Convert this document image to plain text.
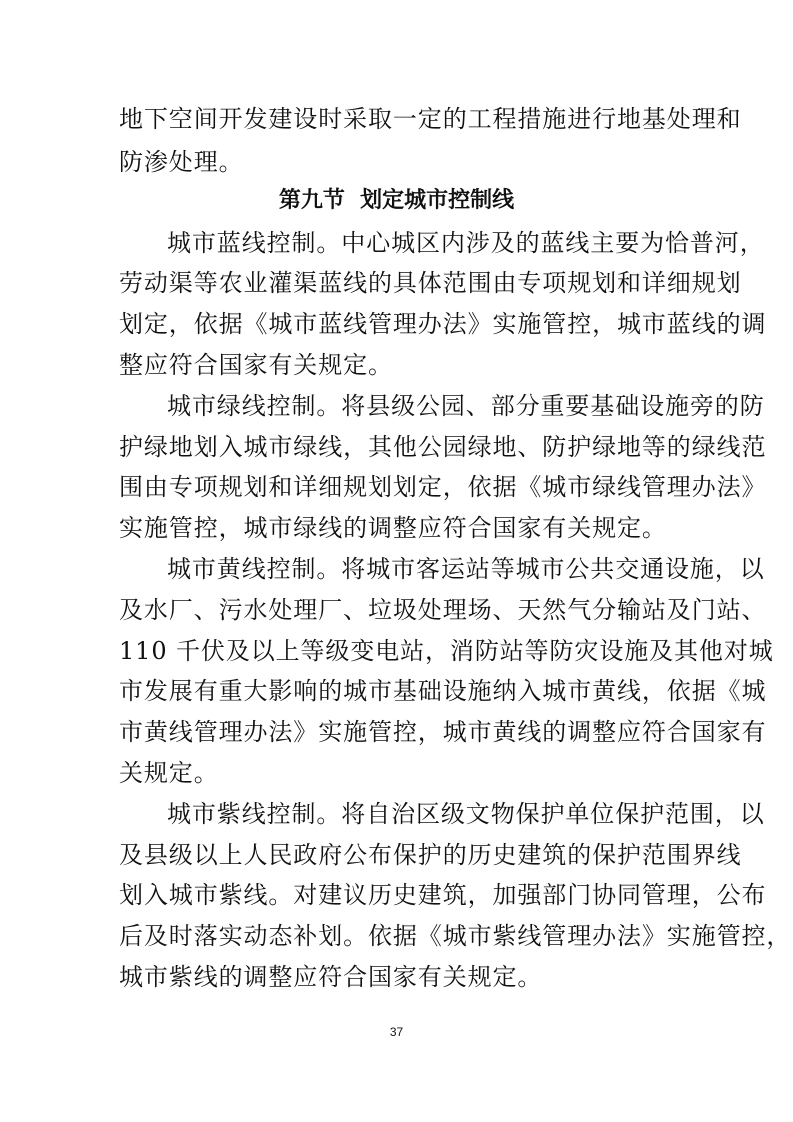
地下空间开发建设时采取一定的工程措施进行地基处理和
防渗处理。
第九节  划定城市控制线
城市蓝线控制。中心城区内涉及的蓝线主要为恰普河，
劳动渠等农业灌渠蓝线的具体范围由专项规划和详细规划
划定，依据《城市蓝线管理办法》实施管控，城市蓝线的调
整应符合国家有关规定。
城市绿线控制。将县级公园、部分重要基础设施旁的防
护绿地划入城市绿线，其他公园绿地、防护绿地等的绿线范
围由专项规划和详细规划划定，依据《城市绿线管理办法》
实施管控，城市绿线的调整应符合国家有关规定。
城市黄线控制。将城市客运站等城市公共交通设施，以
及水厂、污水处理厂、垃圾处理场、天然气分输站及门站、
110 千伏及以上等级变电站，消防站等防灾设施及其他对城
市发展有重大影响的城市基础设施纳入城市黄线，依据《城
市黄线管理办法》实施管控，城市黄线的调整应符合国家有
关规定。
城市紫线控制。将自治区级文物保护单位保护范围，以
及县级以上人民政府公布保护的历史建筑的保护范围界线
划入城市紫线。对建议历史建筑，加强部门协同管理，公布
后及时落实动态补划。依据《城市紫线管理办法》实施管控，
城市紫线的调整应符合国家有关规定。
37
